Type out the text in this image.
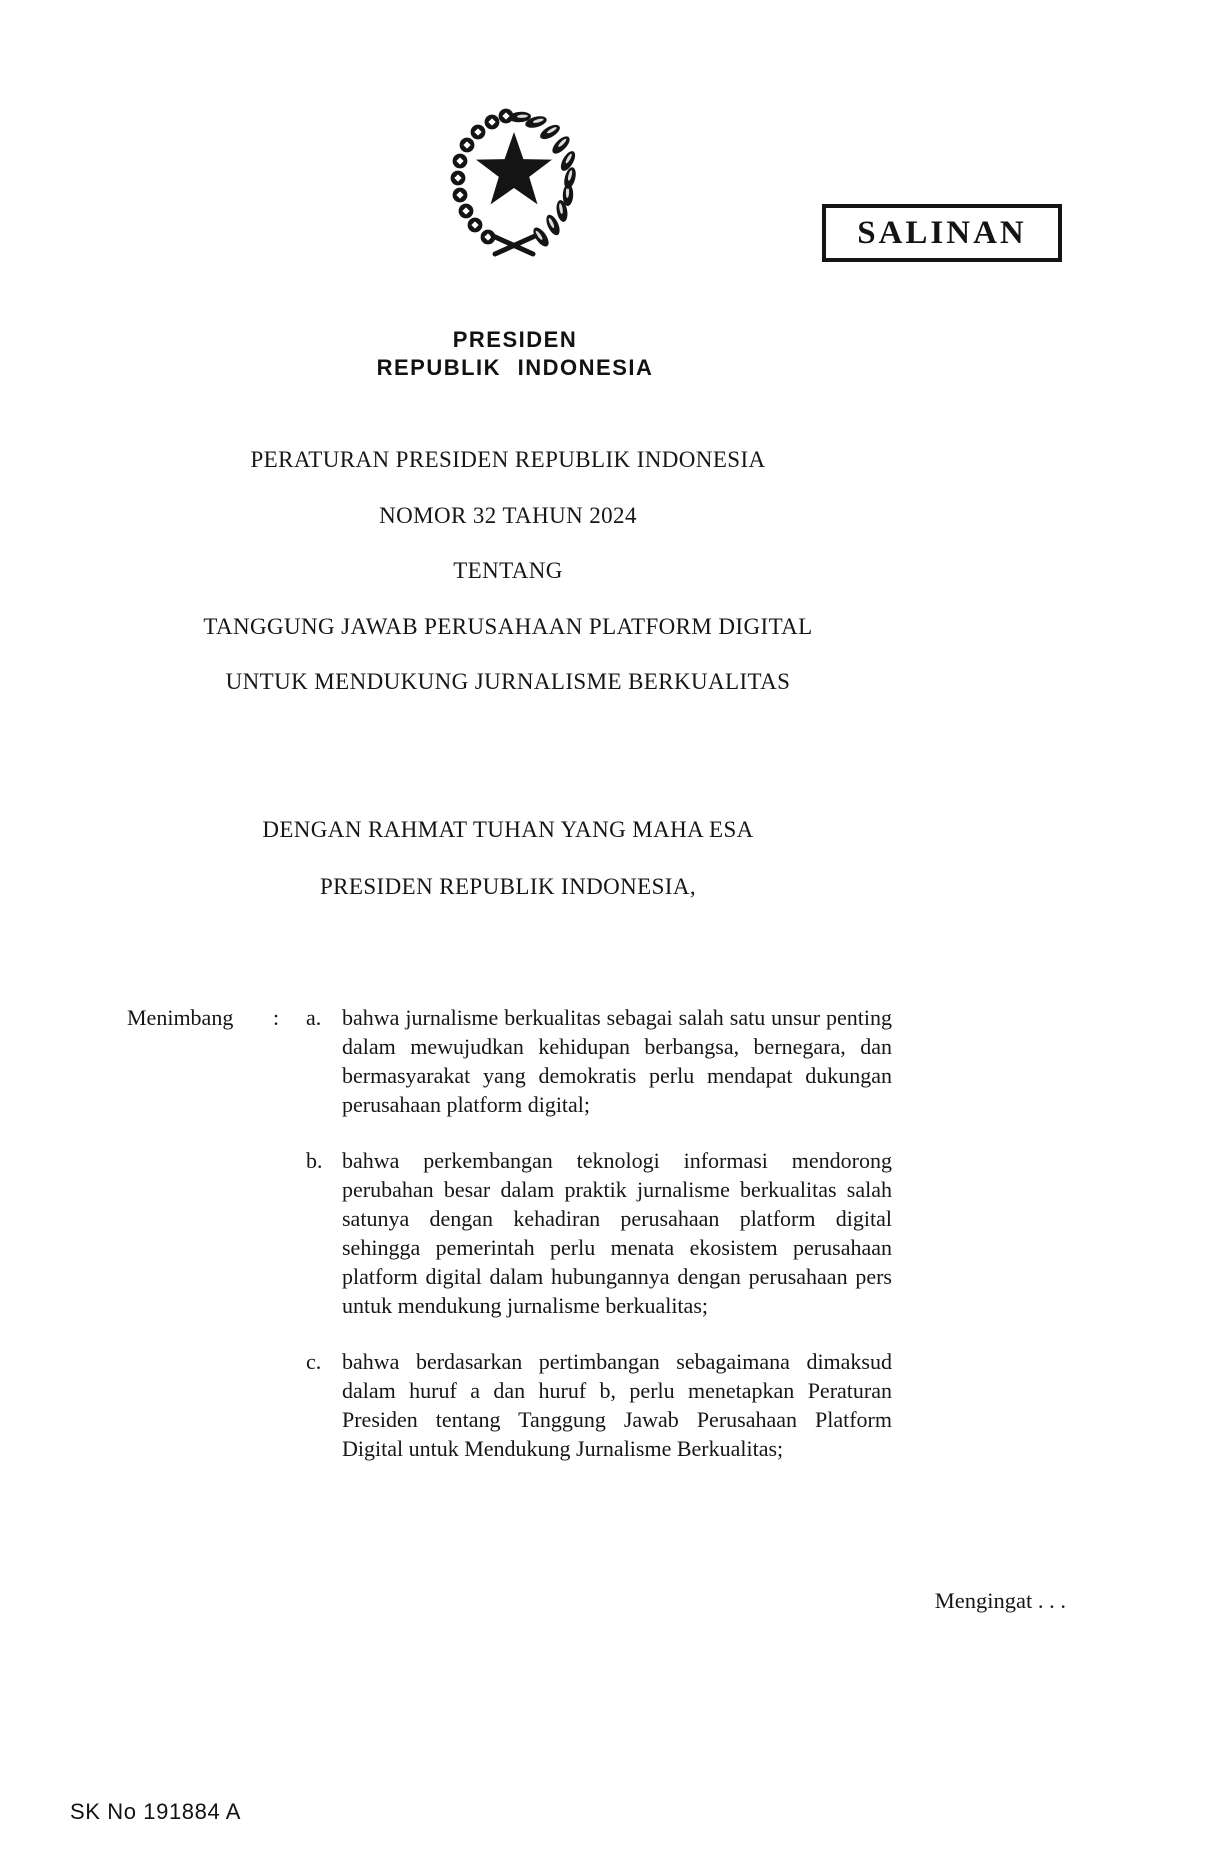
SALINAN
PRESIDEN
REPUBLIK INDONESIA
PERATURAN PRESIDEN REPUBLIK INDONESIA
NOMOR 32 TAHUN 2024
TENTANG
TANGGUNG JAWAB PERUSAHAAN PLATFORM DIGITAL
UNTUK MENDUKUNG JURNALISME BERKUALITAS
DENGAN RAHMAT TUHAN YANG MAHA ESA
PRESIDEN REPUBLIK INDONESIA,
Menimbang	:	a. bahwa jurnalisme berkualitas sebagai salah satu unsur penting dalam mewujudkan kehidupan berbangsa, bernegara, dan bermasyarakat yang demokratis perlu mendapat dukungan perusahaan platform digital;
b. bahwa perkembangan teknologi informasi mendorong perubahan besar dalam praktik jurnalisme berkualitas salah satunya dengan kehadiran perusahaan platform digital sehingga pemerintah perlu menata ekosistem perusahaan platform digital dalam hubungannya dengan perusahaan pers untuk mendukung jurnalisme berkualitas;
c. bahwa berdasarkan pertimbangan sebagaimana dimaksud dalam huruf a dan huruf b, perlu menetapkan Peraturan Presiden tentang Tanggung Jawab Perusahaan Platform Digital untuk Mendukung Jurnalisme Berkualitas;
Mengingat . . .
SK No 191884 A
